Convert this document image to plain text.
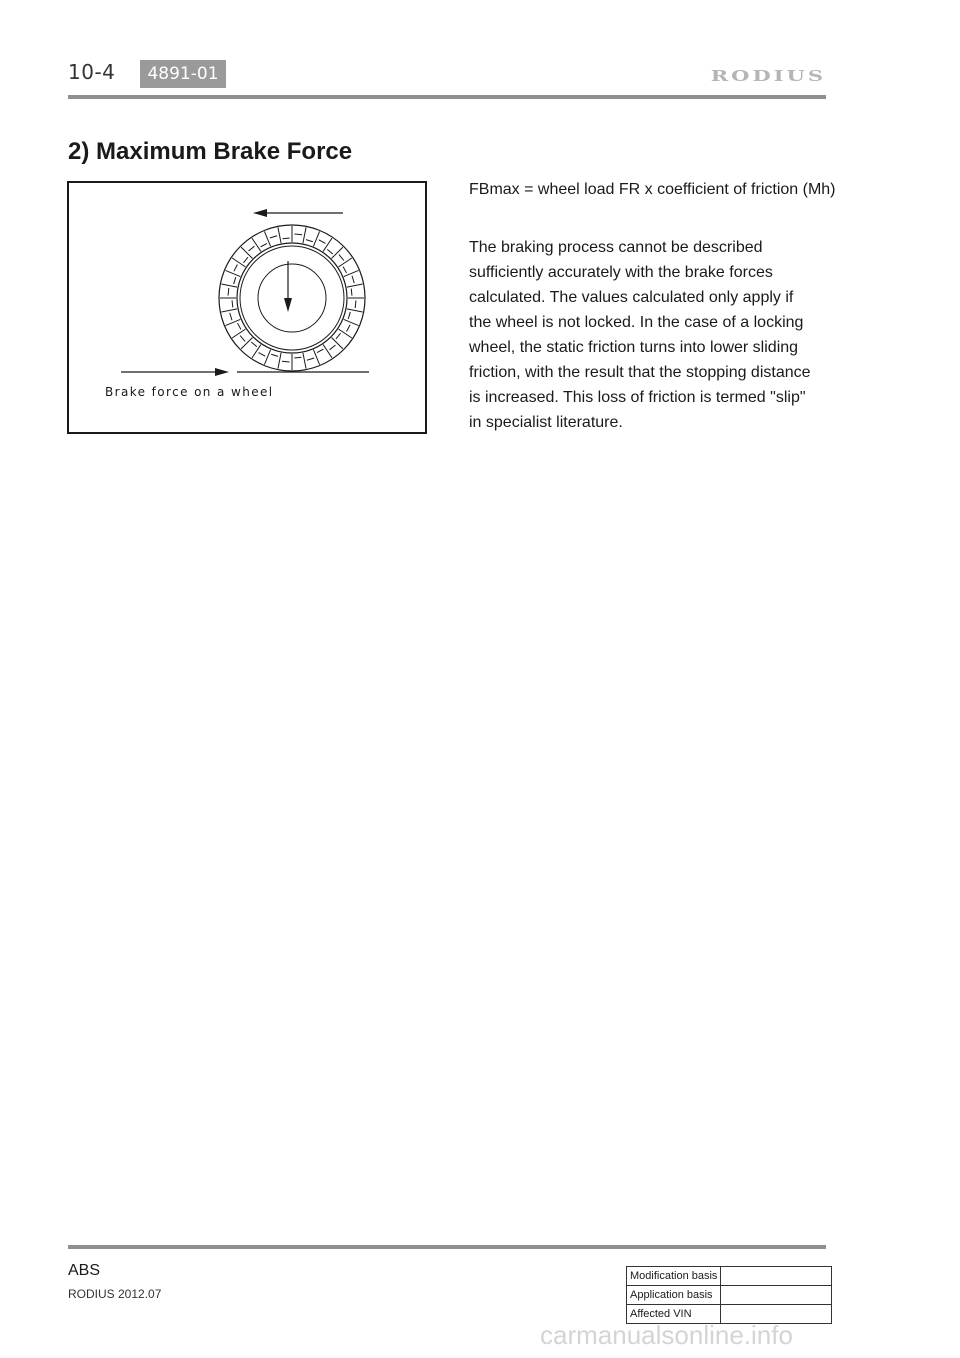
10-4	4891-01	RODIUS
2) Maximum Brake Force
Brake force on a wheel
FBmax = wheel load FR x coefficient of friction (Mh)
The braking process cannot be described
sufficiently accurately with the brake forces
calculated. The values calculated only apply if
the wheel is not locked. In the case of a locking
wheel, the static friction turns into lower sliding
friction, with the result that the stopping distance
is increased. This loss of friction is termed "slip"
in specialist literature.
ABS
RODIUS 2012.07
Modification basis	
Application basis	
Affected VIN	
carmanualsonline.info
